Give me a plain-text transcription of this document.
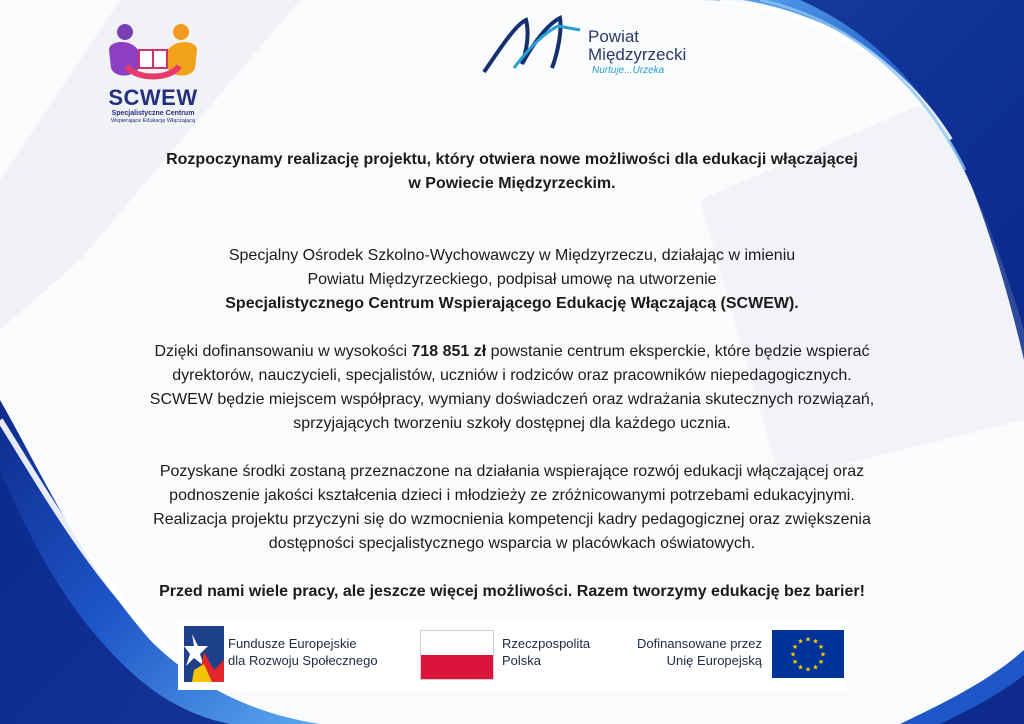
SCWEW
Specjalistyczne Centrum
Wspierające Edukację Włączającą
Powiat
Międzyrzecki
Nurtuje...Urzeka

Rozpoczynamy realizację projektu, który otwiera nowe możliwości dla edukacji włączającej

w Powiecie Międzyrzeckim.

Specjalny Ośrodek Szkolno-Wychowawczy w Międzyrzeczu, działając w imieniu

Powiatu Międzyrzeckiego, podpisał umowę na utworzenie

Specjalistycznego Centrum Wspierającego Edukację Włączającą (SCWEW).

Dzięki dofinansowaniu w wysokości 718 851 zł powstanie centrum eksperckie, które będzie wspierać

dyrektorów, nauczycieli, specjalistów, uczniów i rodziców oraz pracowników niepedagogicznych.

SCWEW będzie miejscem współpracy, wymiany doświadczeń oraz wdrażania skutecznych rozwiązań,

sprzyjających tworzeniu szkoły dostępnej dla każdego ucznia.

Pozyskane środki zostaną przeznaczone na działania wspierające rozwój edukacji włączającej oraz

podnoszenie jakości kształcenia dzieci i młodzieży ze zróżnicowanymi potrzebami edukacyjnymi.

Realizacja projektu przyczyni się do wzmocnienia kompetencji kadry pedagogicznej oraz zwiększenia

dostępności specjalistycznego wsparcia w placówkach oświatowych.

Przed nami wiele pracy, ale jeszcze więcej możliwości. Razem tworzymy edukację bez barier!

Fundusze Europejskie
dla Rozwoju Społecznego
Rzeczpospolita
Polska
Dofinansowane przez
Unię Europejską
★ ★
★
★
★
★
★
★
★
★
★
★
